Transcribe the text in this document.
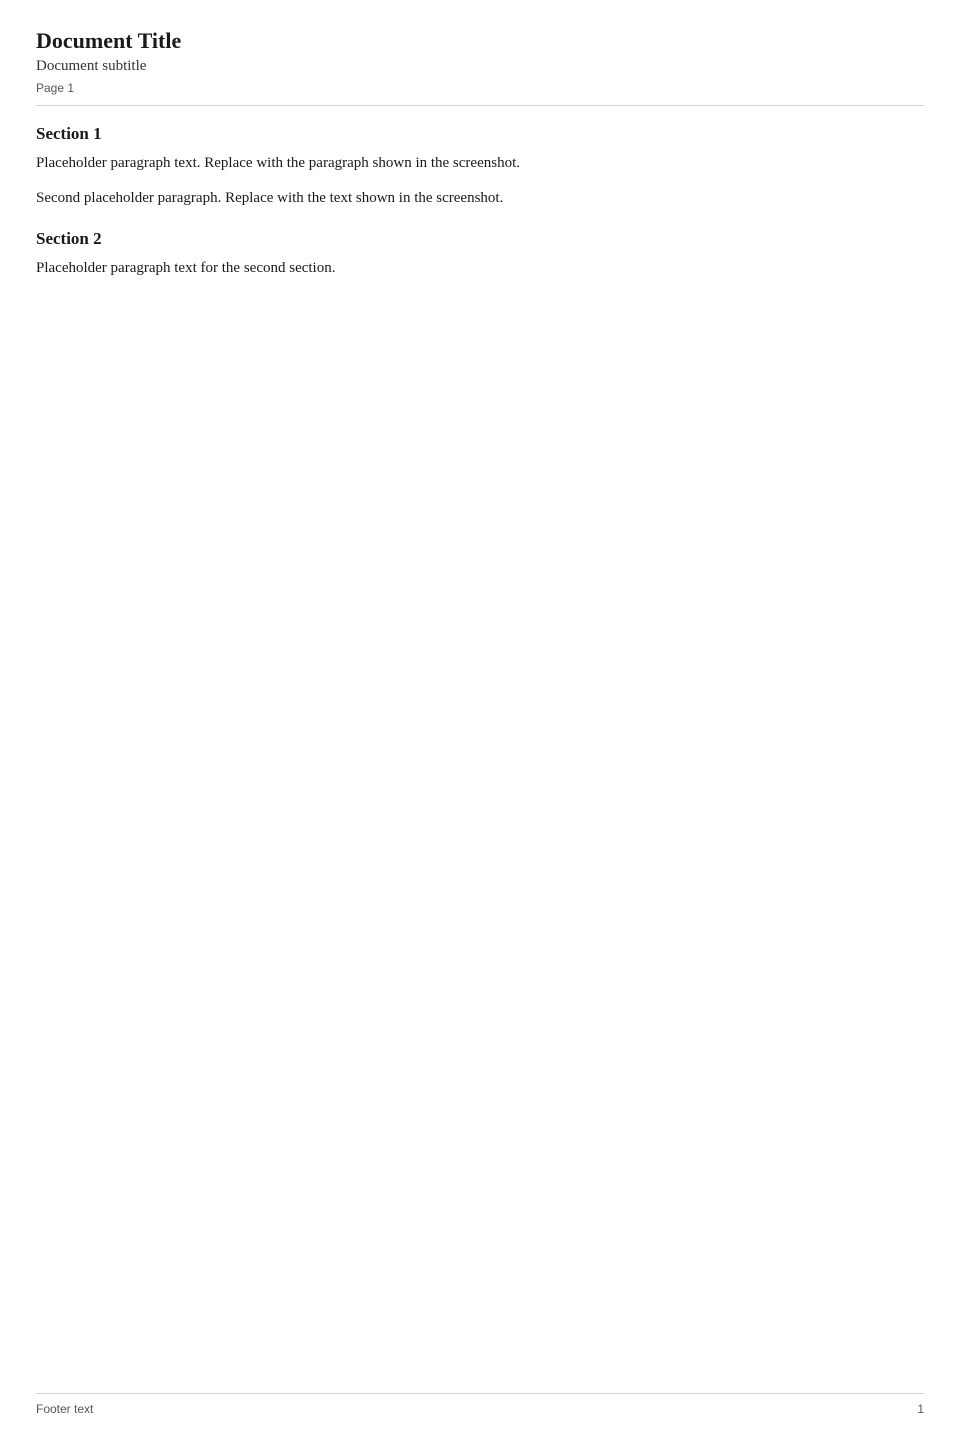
Document Title

Document subtitle

Page 1
Section 1

Placeholder paragraph text. Replace with the paragraph shown in the screenshot.

Second placeholder paragraph. Replace with the text shown in the screenshot.

Section 2

Placeholder paragraph text for the second section.

Footer text	1
